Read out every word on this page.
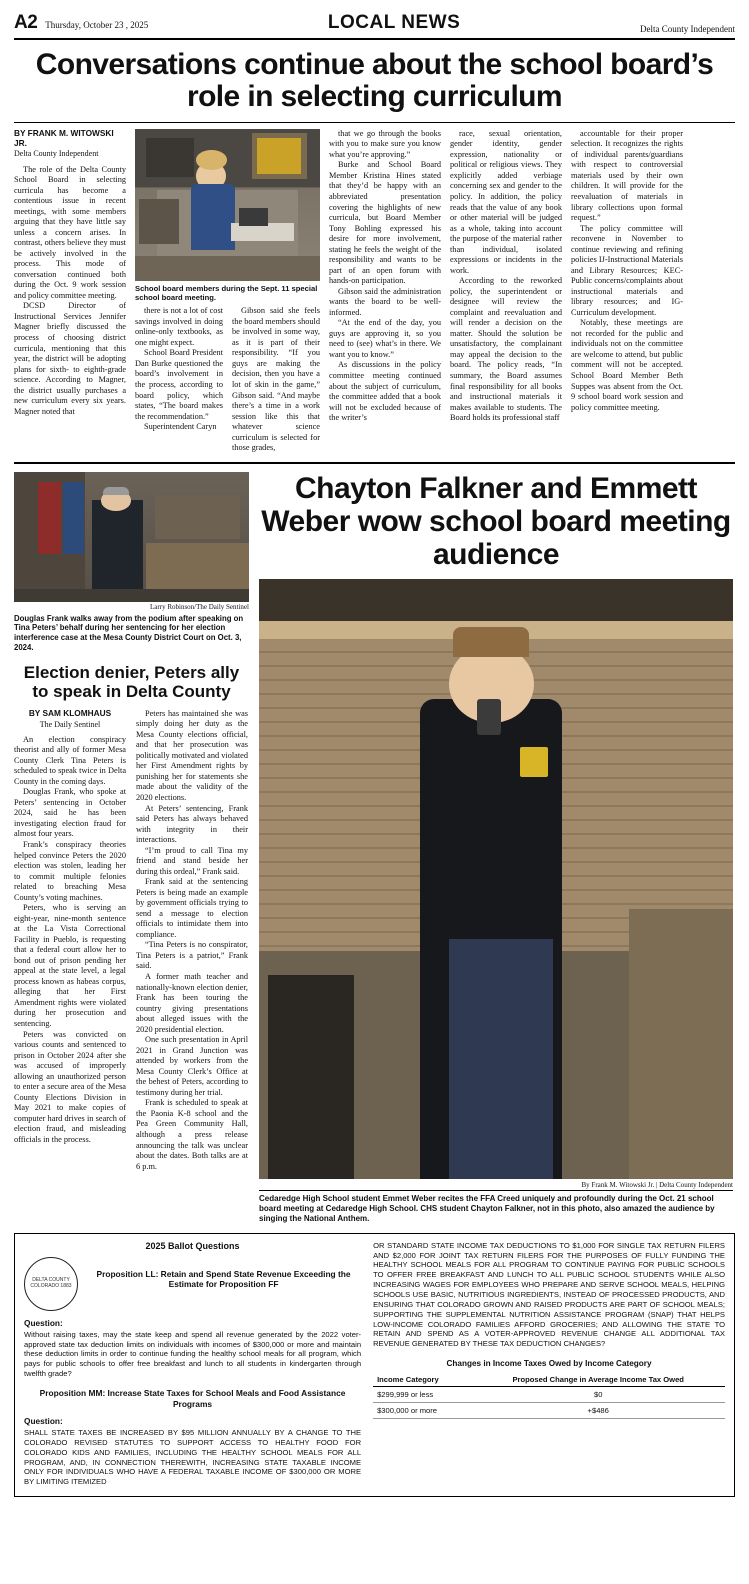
A2 Thursday, October 23 , 2025	LOCAL NEWS	Delta County Independent
Conversations continue about the school board’s role in selecting curriculum
BY FRANK M. WITOWSKI JR.
Delta County Independent

The role of the Delta County School Board in selecting curricula has become a contentious issue in recent meetings, with some members arguing that they have little say unless a concern arises. In contrast, others believe they must be actively involved in the process. This mode of conversation continued both during the Oct. 9 work session and policy committee meeting.

DCSD Director of Instructional Services Jennifer Magner briefly discussed the process of choosing district curricula, mentioning that this year, the district will be adopting plans for sixth- to eighth-grade science. According to Magner, the district usually purchases a new curriculum every six years. Magner noted that

School board members during the Sept. 11 special school board meeting.

there is not a lot of cost savings involved in doing online-only textbooks, as one might expect.

School Board President Dan Burke questioned the board’s involvement in the process, according to board policy, which states, “The board makes the recommendation.”

Superintendent Caryn

Gibson said she feels the board members should be involved in some way, as it is part of their responsibility. “If you guys are making the decision, then you have a lot of skin in the game,” Gibson said. “And maybe there’s a time in a work session like this that whatever science curriculum is selected for those grades,

that we go through the books with you to make sure you know what you’re approving.”

Burke and School Board Member Kristina Hines stated that they’d be happy with an abbreviated presentation covering the highlights of new curricula, but Board Member Tony Bohling expressed his desire for more involvement, stating he feels the weight of the responsibility and wants to be part of an open forum with hands-on participation.

Gibson said the administration wants the board to be well-informed.

“At the end of the day, you guys are approving it, so you need to (see) what’s in there. We want you to know.”

As discussions in the policy committee meeting continued about the subject of curriculum, the committee added that a book will not be excluded because of the writer’s

race, sexual orientation, gender identity, gender expression, nationality or political or religious views. They explicitly added verbiage concerning sex and gender to the policy. In addition, the policy reads that the value of any book or other material will be judged as a whole, taking into account the purpose of the material rather than individual, isolated expressions or incidents in the work.

According to the reworked policy, the superintendent or designee will review the complaint and reevaluation and will render a decision on the matter. Should the solution be unsatisfactory, the complainant may appeal the decision to the board. The policy reads, “In summary, the Board assumes final responsibility for all books and instructional materials it makes available to students. The Board holds its professional staff

accountable for their proper selection. It recognizes the rights of individual parents/guardians with respect to controversial materials used by their own children. It will provide for the reevaluation of materials in library collections upon formal request.”

The policy committee will reconvene in November to continue reviewing and refining policies IJ-Instructional Materials and Library Resources; KEC-Public concerns/complaints about instructional materials and library resources; and IG-Curriculum development.

Notably, these meetings are not recorded for the public and individuals not on the committee are welcome to attend, but public comment will not be accepted. School Board Member Beth Suppes was absent from the Oct. 9 school board work session and policy committee meeting.

Larry Robinson/The Daily Sentinel
Douglas Frank walks away from the podium after speaking on Tina Peters’ behalf during her sentencing for her election interference case at the Mesa County District Court on Oct. 3, 2024.
Election denier, Peters ally to speak in Delta County
BY SAM KLOMHAUS
The Daily Sentinel

An election conspiracy theorist and ally of former Mesa County Clerk Tina Peters is scheduled to speak twice in Delta County in the coming days.

Douglas Frank, who spoke at Peters’ sentencing in October 2024, said he has been investigating election fraud for almost four years.

Frank’s conspiracy theories helped convince Peters the 2020 election was stolen, leading her to commit multiple felonies related to breaching Mesa County’s voting machines.

Peters, who is serving an eight-year, nine-month sentence at the La Vista Correctional Facility in Pueblo, is requesting that a federal court allow her to bond out of prison pending her appeal at the state level, a legal process known as habeas corpus, alleging that her First Amendment rights were violated during her prosecution and sentencing.

Peters was convicted on various counts and sentenced to prison in October 2024 after she was accused of improperly allowing an unauthorized person to enter a secure area of the Mesa County Elections Division in May 2021 to make copies of computer hard drives in search of election fraud, and misleading officials in the process.

Peters has maintained she was simply doing her duty as the Mesa County elections official, and that her prosecution was politically motivated and violated her First Amendment rights by punishing her for statements she made about the validity of the 2020 elections.

At Peters’ sentencing, Frank said Peters has always behaved with integrity in their interactions.

“I’m proud to call Tina my friend and stand beside her during this ordeal,” Frank said.

Frank said at the sentencing Peters is being made an example by government officials trying to send a message to election officials to intimidate them into compliance.

“Tina Peters is no conspirator, Tina Peters is a patriot,” Frank said.

A former math teacher and nationally-known election denier, Frank has been touring the country giving presentations about alleged issues with the 2020 presidential election.

One such presentation in April 2021 in Grand Junction was attended by workers from the Mesa County Clerk’s Office at the behest of Peters, according to testimony during her trial.

Frank is scheduled to speak at the Paonia K-8 school and the Pea Green Community Hall, although a press release announcing the talk was unclear about the dates. Both talks are at 6 p.m.

Chayton Falkner and Emmett Weber wow school board meeting audience
By Frank M. Witowski Jr. | Delta County Independent
Cedaredge High School student Emmet Weber recites the FFA Creed uniquely and profoundly during the Oct. 21 school board meeting at Cedaredge High School. CHS student Chayton Falkner, not in this photo, also amazed the audience by singing the National Anthem.
2025 Ballot Questions
DELTA COUNTY COLORADO 1883
Proposition LL: Retain and Spend State Revenue Exceeding the Estimate for Proposition FF
Question:
Without raising taxes, may the state keep and spend all revenue generated by the 2022 voter-approved state tax deduction limits on individuals with incomes of $300,000 or more and maintain these deduction limits in order to continue funding the healthy school meals for all program, which pays for public schools to offer free breakfast and lunch to all students in kindergarten through twelfth grade?
Proposition MM: Increase State Taxes for School Meals and Food Assistance Programs
Question:
SHALL STATE TAXES BE INCREASED BY $95 MILLION ANNUALLY BY A CHANGE TO THE COLORADO REVISED STATUTES TO SUPPORT ACCESS TO HEALTHY FOOD FOR COLORADO KIDS AND FAMILIES, INCLUDING THE HEALTHY SCHOOL MEALS FOR ALL PROGRAM, AND, IN CONNECTION THEREWITH, INCREASING STATE TAXABLE INCOME ONLY FOR INDIVIDUALS WHO HAVE A FEDERAL TAXABLE INCOME OF $300,000 OR MORE BY LIMITING ITEMIZED
OR STANDARD STATE INCOME TAX DEDUCTIONS TO $1,000 FOR SINGLE TAX RETURN FILERS AND $2,000 FOR JOINT TAX RETURN FILERS FOR THE PURPOSES OF FULLY FUNDING THE HEALTHY SCHOOL MEALS FOR ALL PROGRAM TO CONTINUE PAYING FOR PUBLIC SCHOOLS TO OFFER FREE BREAKFAST AND LUNCH TO ALL PUBLIC SCHOOL STUDENTS WHILE ALSO INCREASING WAGES FOR EMPLOYEES WHO PREPARE AND SERVE SCHOOL MEALS, HELPING SCHOOLS USE BASIC, NUTRITIOUS INGREDIENTS, INSTEAD OF PROCESSED PRODUCTS, AND ENSURING THAT COLORADO GROWN AND RAISED PRODUCTS ARE PART OF SCHOOL MEALS; SUPPORTING THE SUPPLEMENTAL NUTRITION ASSISTANCE PROGRAM (SNAP) THAT HELPS LOW-INCOME COLORADO FAMILIES AFFORD GROCERIES; AND ALLOWING THE STATE TO RETAIN AND SPEND AS A VOTER-APPROVED REVENUE CHANGE ALL ADDITIONAL TAX REVENUE GENERATED BY THESE TAX DEDUCTION CHANGES?
Changes in Income Taxes Owed by Income Category
Income Category	Proposed Change in Average Income Tax Owed
$299,999 or less	$0
$300,000 or more	+$486
